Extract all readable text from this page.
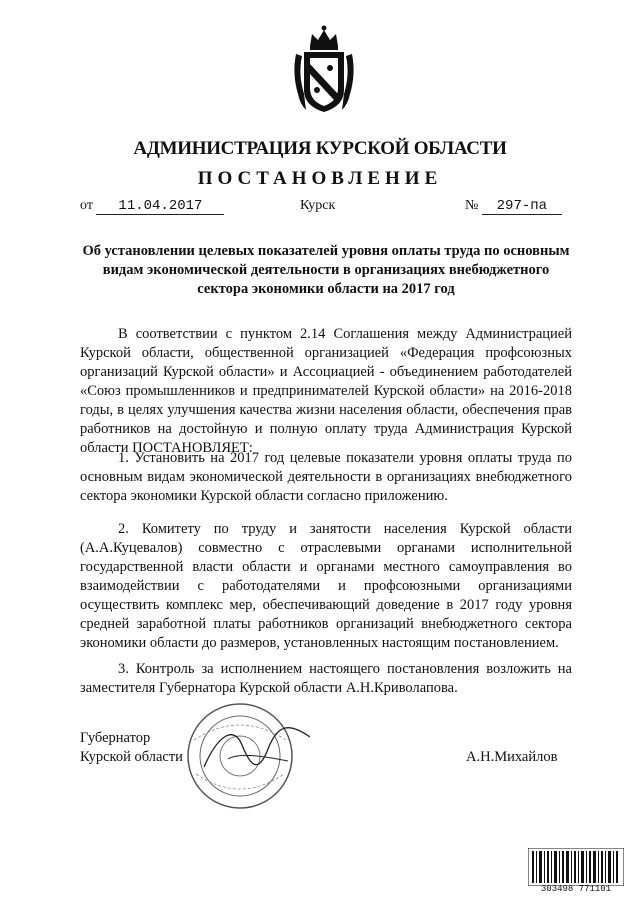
АДМИНИСТРАЦИЯ КУРСКОЙ ОБЛАСТИ
ПОСТАНОВЛЕНИЕ
от 11.04.2017	Курск	№ 297-па
Об установлении целевых показателей уровня оплаты труда по основным видам экономической деятельности в организациях внебюджетного сектора экономики области на 2017 год
В соответствии с пунктом 2.14 Соглашения между Администрацией Курской области, общественной организацией «Федерация профсоюзных организаций Курской области» и Ассоциацией - объединением работодателей «Союз промышленников и предпринимателей Курской области» на 2016-2018 годы, в целях улучшения качества жизни населения области, обеспечения прав работников на достойную и полную оплату труда Администрация Курской области ПОСТАНОВЛЯЕТ:
1. Установить на 2017 год целевые показатели уровня оплаты труда по основным видам экономической деятельности в организациях внебюджетного сектора экономики Курской области согласно приложению.
2. Комитету по труду и занятости населения Курской области (А.А.Куцевалов) совместно с отраслевыми органами исполнительной государственной власти области и органами местного самоуправления во взаимодействии с работодателями и профсоюзными организациями осуществить комплекс мер, обеспечивающий доведение в 2017 году уровня средней заработной платы работников организаций внебюджетного сектора экономики области до размеров, установленных настоящим постановлением.
3. Контроль за исполнением настоящего постановления возложить на заместителя Губернатора Курской области А.Н.Криволапова.
Губернатор
Курской области	А.Н.Михайлов
303498 771101
